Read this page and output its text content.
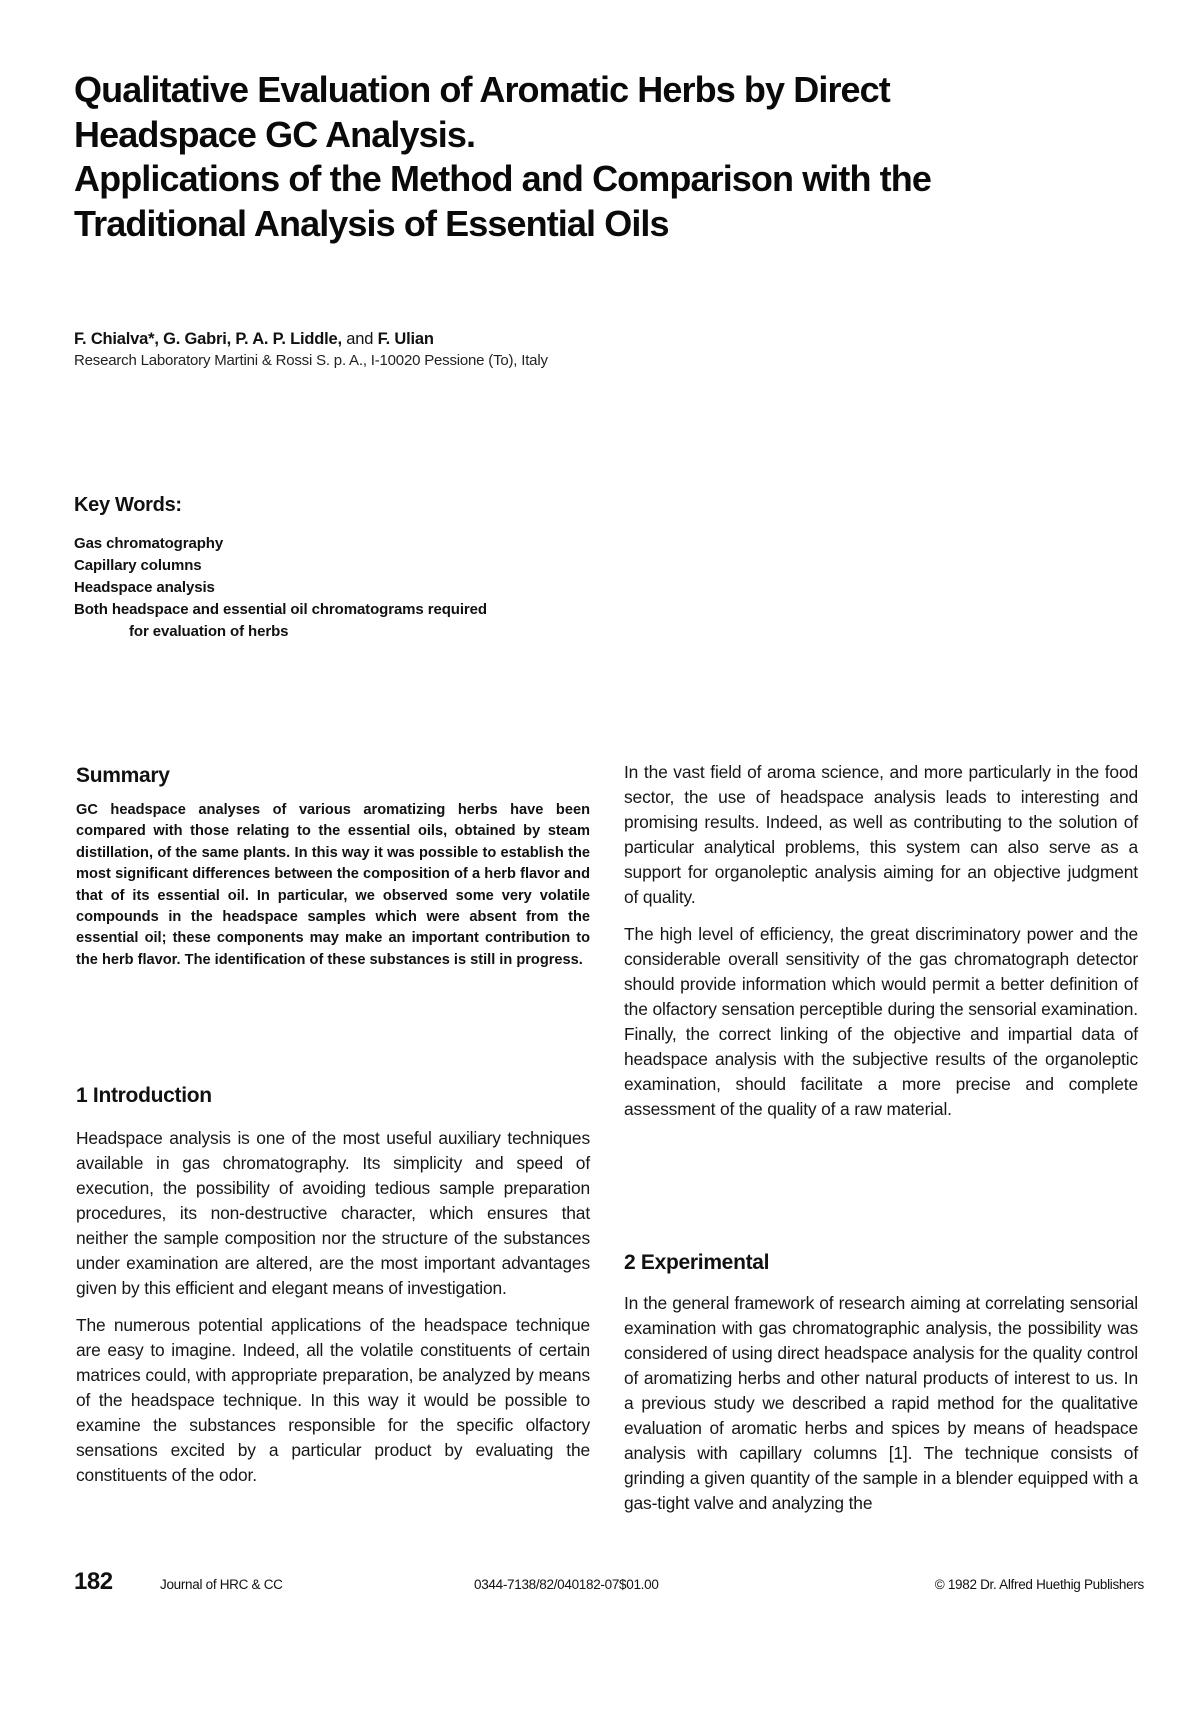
Qualitative Evaluation of Aromatic Herbs by Direct
Headspace GC Analysis.
Applications of the Method and Comparison with the
Traditional Analysis of Essential Oils
F. Chialva*, G. Gabri, P. A. P. Liddle, and F. Ulian
Research Laboratory Martini & Rossi S. p. A., I-10020 Pessione (To), Italy
Key Words:
Gas chromatography
Capillary columns
Headspace analysis
Both headspace and essential oil chromatograms required
for evaluation of herbs
Summary

GC headspace analyses of various aromatizing herbs have been compared with those relating to the essential oils, obtained by steam distillation, of the same plants. In this way it was possible to establish the most significant differences between the composition of a herb flavor and that of its essential oil. In particular, we observed some very volatile compounds in the headspace samples which were absent from the essential oil; these components may make an important contribution to the herb flavor. The identification of these substances is still in progress.

1 Introduction

Headspace analysis is one of the most useful auxiliary techniques available in gas chromatography. Its simplicity and speed of execution, the possibility of avoiding tedious sample preparation procedures, its non-destructive character, which ensures that neither the sample composition nor the structure of the substances under examination are altered, are the most important advantages given by this efficient and elegant means of investigation.

The numerous potential applications of the headspace technique are easy to imagine. Indeed, all the volatile constituents of certain matrices could, with appropriate preparation, be analyzed by means of the headspace technique. In this way it would be possible to examine the substances responsible for the specific olfactory sensations excited by a particular product by evaluating the constituents of the odor.

In the vast field of aroma science, and more particularly in the food sector, the use of headspace analysis leads to interesting and promising results. Indeed, as well as contributing to the solution of particular analytical problems, this system can also serve as a support for organoleptic analysis aiming for an objective judgment of quality.

The high level of efficiency, the great discriminatory power and the considerable overall sensitivity of the gas chromatograph detector should provide information which would permit a better definition of the olfactory sensation perceptible during the sensorial examination. Finally, the correct linking of the objective and impartial data of headspace analysis with the subjective results of the organoleptic examination, should facilitate a more precise and complete assessment of the quality of a raw material.

2 Experimental

In the general framework of research aiming at correlating sensorial examination with gas chromatographic analysis, the possibility was considered of using direct headspace analysis for the quality control of aromatizing herbs and other natural products of interest to us. In a previous study we described a rapid method for the qualitative evaluation of aromatic herbs and spices by means of headspace analysis with capillary columns [1]. The technique consists of grinding a given quantity of the sample in a blender equipped with a gas-tight valve and analyzing the

182	Journal of HRC & CC	0344-7138/82/040182-07$01.00	© 1982 Dr. Alfred Huethig Publishers
